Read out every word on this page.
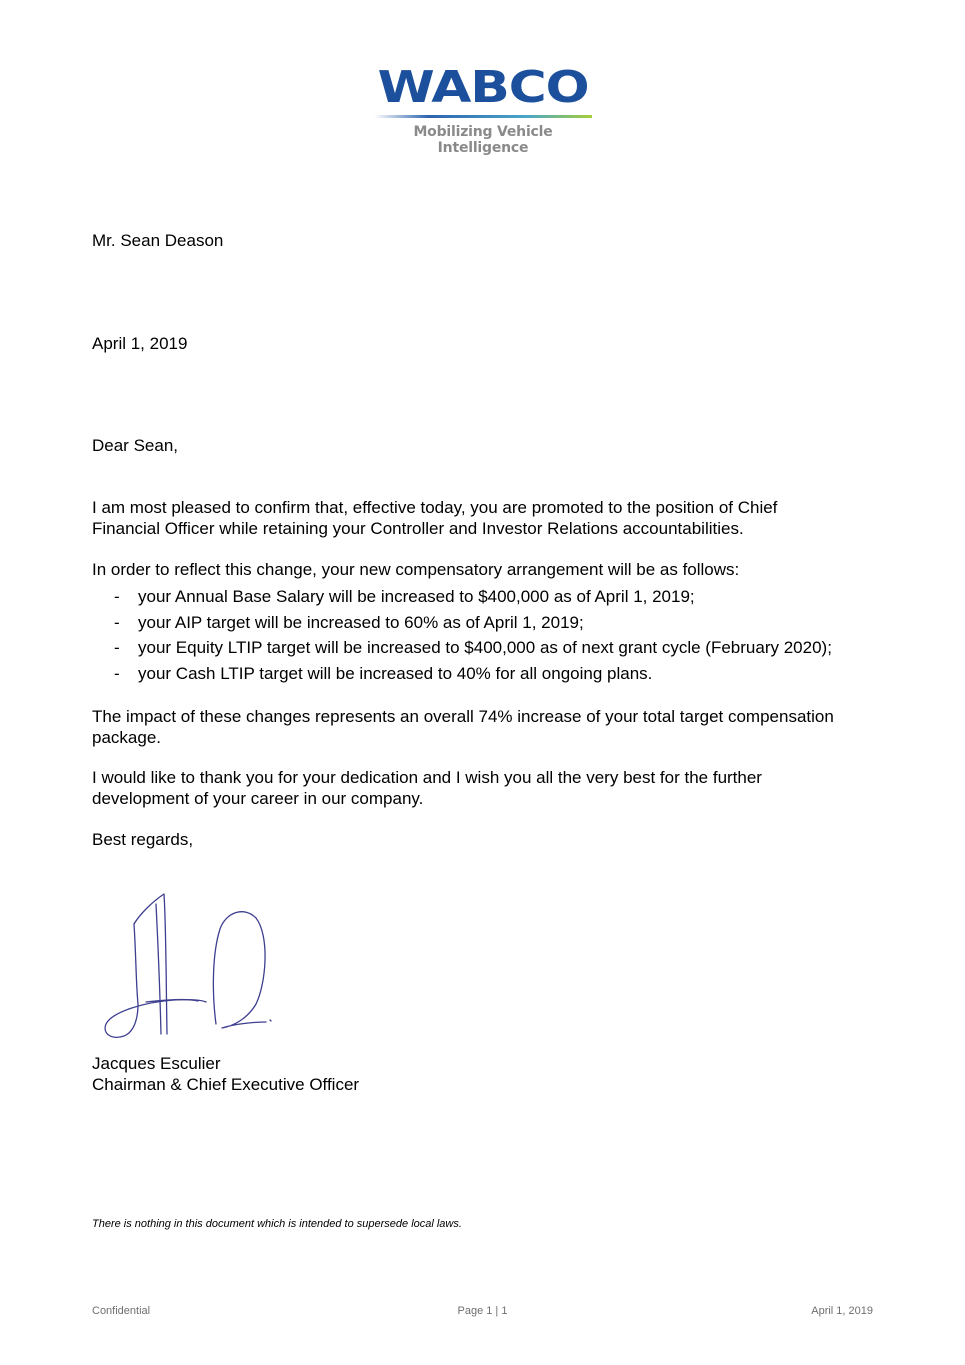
WABCO
Mobilizing Vehicle Intelligence
Mr. Sean Deason
April 1, 2019
Dear Sean,
I am most pleased to confirm that, effective today, you are promoted to the position of Chief
Financial Officer while retaining your Controller and Investor Relations accountabilities.
In order to reflect this change, your new compensatory arrangement will be as follows:
- your Annual Base Salary will be increased to $400,000 as of April 1, 2019;
- your AIP target will be increased to 60% as of April 1, 2019;
- your Equity LTIP target will be increased to $400,000 as of next grant cycle (February 2020);
- your Cash LTIP target will be increased to 40% for all ongoing plans.
The impact of these changes represents an overall 74% increase of your total target compensation
package.
I would like to thank you for your dedication and I wish you all the very best for the further
development of your career in our company.
Best regards,
Jacques Esculier
Chairman & Chief Executive Officer
There is nothing in this document which is intended to supersede local laws.
Confidential	Page 1 | 1	April 1, 2019
